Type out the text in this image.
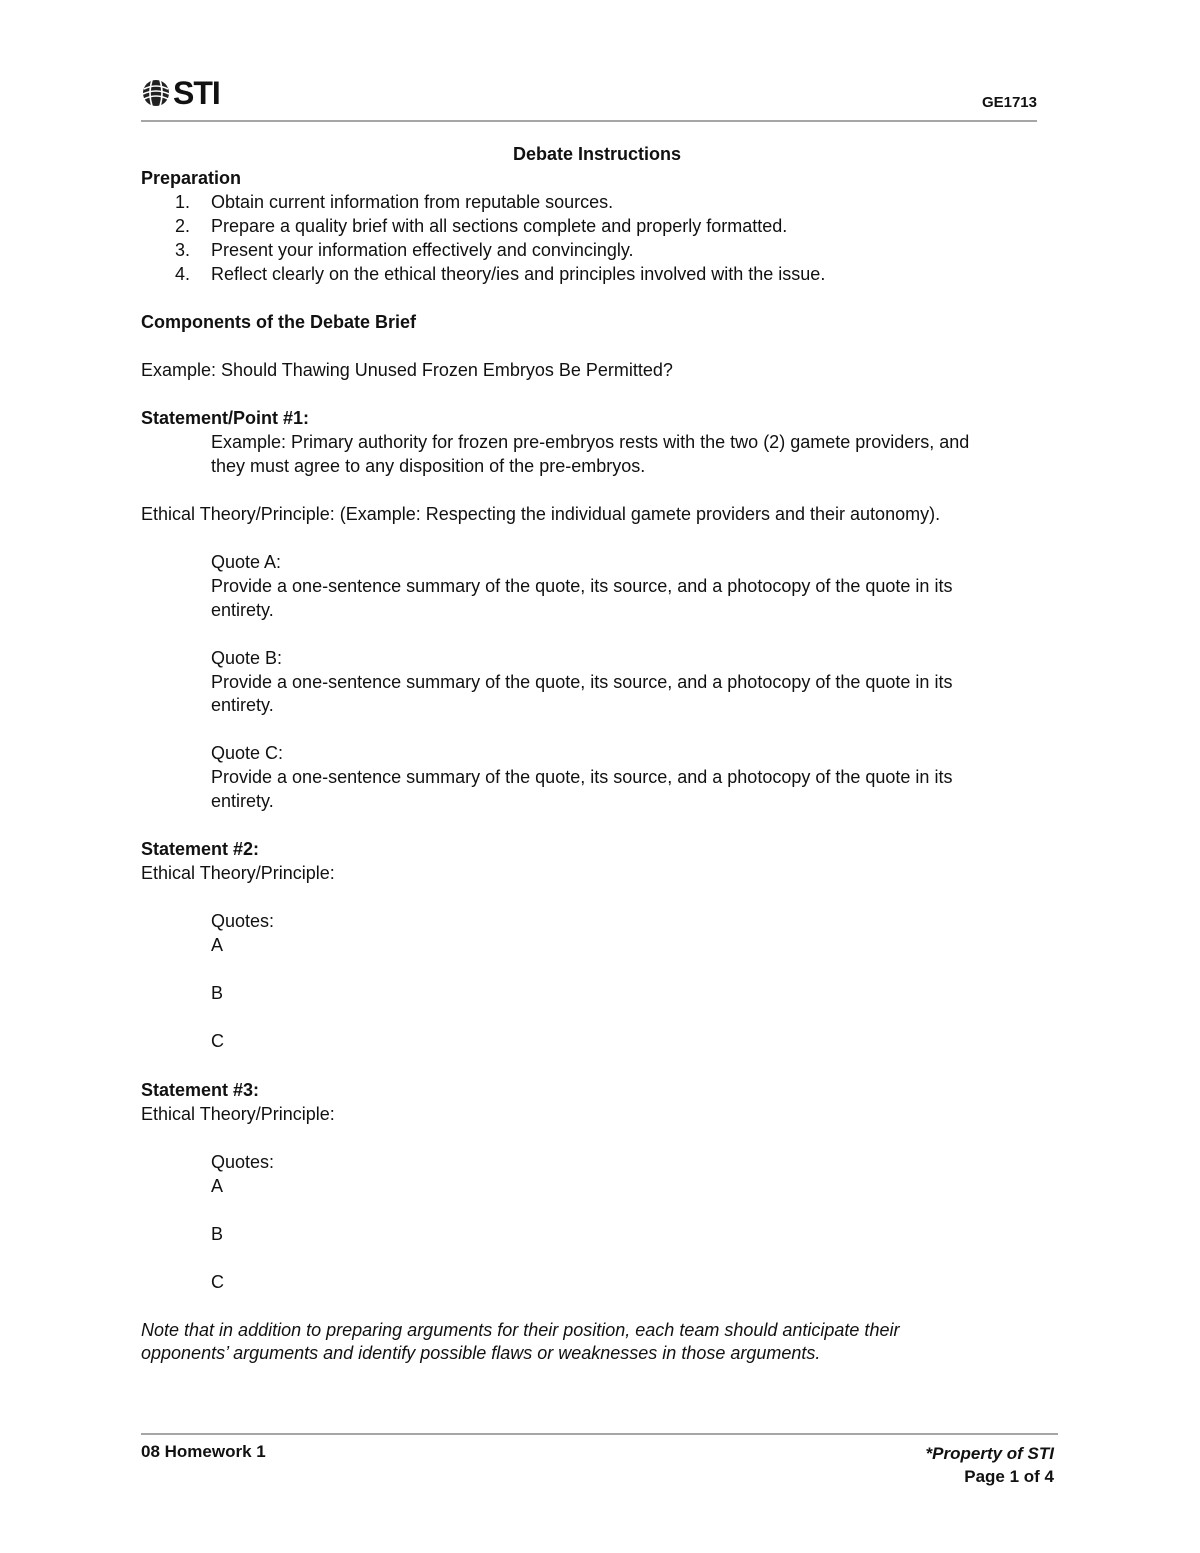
STI	GE1713
Debate Instructions
Preparation
1. Obtain current information from reputable sources.
2. Prepare a quality brief with all sections complete and properly formatted.
3. Present your information effectively and convincingly.
4. Reflect clearly on the ethical theory/ies and principles involved with the issue.
Components of the Debate Brief
Example: Should Thawing Unused Frozen Embryos Be Permitted?
Statement/Point #1:
Example: Primary authority for frozen pre-embryos rests with the two (2) gamete providers, and
they must agree to any disposition of the pre-embryos.
Ethical Theory/Principle: (Example: Respecting the individual gamete providers and their autonomy).
Quote A:
Provide a one-sentence summary of the quote, its source, and a photocopy of the quote in its
entirety.
Quote B:
Provide a one-sentence summary of the quote, its source, and a photocopy of the quote in its
entirety.
Quote C:
Provide a one-sentence summary of the quote, its source, and a photocopy of the quote in its
entirety.
Statement #2:
Ethical Theory/Principle:
Quotes:
A
B
C
Statement #3:
Ethical Theory/Principle:
Quotes:
A
B
C
Note that in addition to preparing arguments for their position, each team should anticipate their
opponents’ arguments and identify possible flaws or weaknesses in those arguments.
08 Homework 1	*Property of STI
Page 1 of 4
